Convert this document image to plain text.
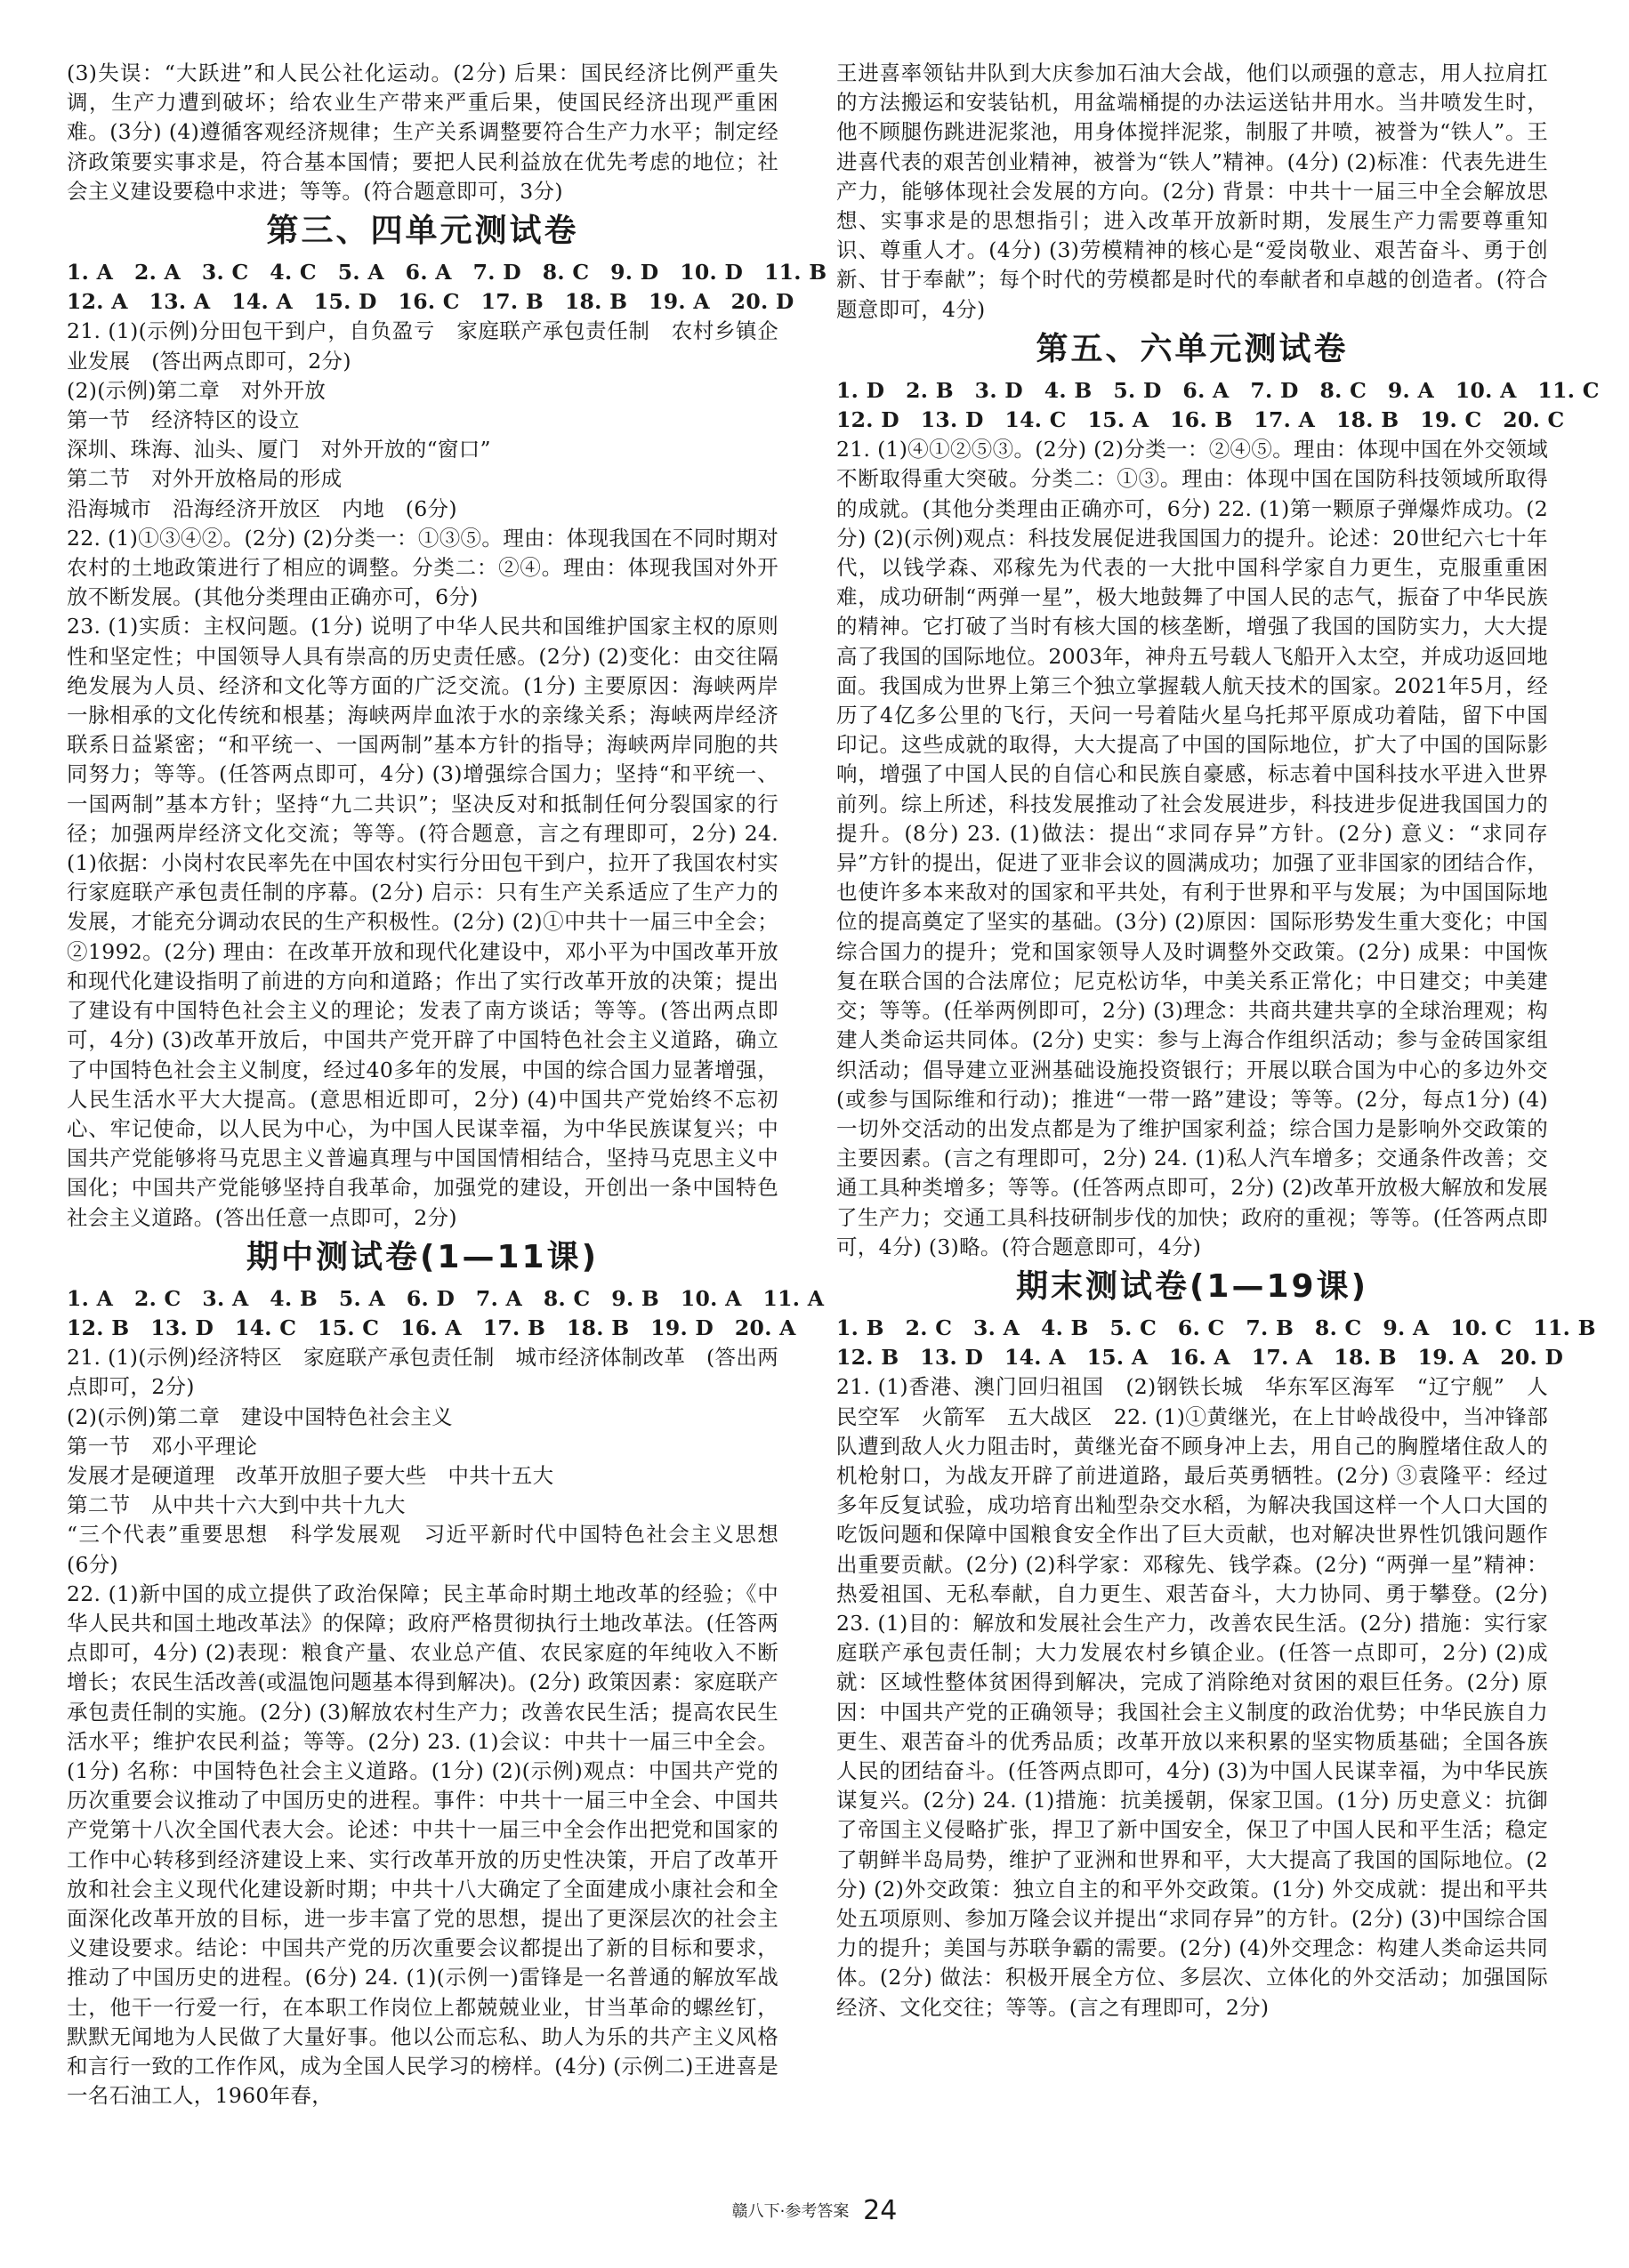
(3)失误：“大跃进”和人民公社化运动。(2分) 后果：国民经济比例严重失调，生产力遭到破坏；给农业生产带来严重后果，使国民经济出现严重困难。(3分) (4)遵循客观经济规律；生产关系调整要符合生产力水平；制定经济政策要实事求是，符合基本国情；要把人民利益放在优先考虑的地位；社会主义建设要稳中求进；等等。(符合题意即可，3分)

第三、四单元测试卷

1. A　2. A　3. C　4. C　5. A　6. A　7. D　8. C　9. D　10. D　11. B

12. A　13. A　14. A　15. D　16. C　17. B　18. B　19. A　20. D

21. (1)(示例)分田包干到户，自负盈亏　家庭联产承包责任制　农村乡镇企业发展　(答出两点即可，2分)

(2)(示例)第二章　对外开放

第一节　经济特区的设立

深圳、珠海、汕头、厦门　对外开放的“窗口”

第二节　对外开放格局的形成

沿海城市　沿海经济开放区　内地　(6分)

22. (1)①③④②。(2分) (2)分类一：①③⑤。理由：体现我国在不同时期对农村的土地政策进行了相应的调整。分类二：②④。理由：体现我国对外开放不断发展。(其他分类理由正确亦可，6分)

23. (1)实质：主权问题。(1分) 说明了中华人民共和国维护国家主权的原则性和坚定性；中国领导人具有崇高的历史责任感。(2分) (2)变化：由交往隔绝发展为人员、经济和文化等方面的广泛交流。(1分) 主要原因：海峡两岸一脉相承的文化传统和根基；海峡两岸血浓于水的亲缘关系；海峡两岸经济联系日益紧密；“和平统一、一国两制”基本方针的指导；海峡两岸同胞的共同努力；等等。(任答两点即可，4分) (3)增强综合国力；坚持“和平统一、一国两制”基本方针；坚持“九二共识”；坚决反对和抵制任何分裂国家的行径；加强两岸经济文化交流；等等。(符合题意，言之有理即可，2分) 24. (1)依据：小岗村农民率先在中国农村实行分田包干到户，拉开了我国农村实行家庭联产承包责任制的序幕。(2分) 启示：只有生产关系适应了生产力的发展，才能充分调动农民的生产积极性。(2分) (2)①中共十一届三中全会；②1992。(2分) 理由：在改革开放和现代化建设中，邓小平为中国改革开放和现代化建设指明了前进的方向和道路；作出了实行改革开放的决策；提出了建设有中国特色社会主义的理论；发表了南方谈话；等等。(答出两点即可，4分) (3)改革开放后，中国共产党开辟了中国特色社会主义道路，确立了中国特色社会主义制度，经过40多年的发展，中国的综合国力显著增强，人民生活水平大大提高。(意思相近即可，2分) (4)中国共产党始终不忘初心、牢记使命，以人民为中心，为中国人民谋幸福，为中华民族谋复兴；中国共产党能够将马克思主义普遍真理与中国国情相结合，坚持马克思主义中国化；中国共产党能够坚持自我革命，加强党的建设，开创出一条中国特色社会主义道路。(答出任意一点即可，2分)

期中测试卷(1—11课)

1. A　2. C　3. A　4. B　5. A　6. D　7. A　8. C　9. B　10. A　11. A

12. B　13. D　14. C　15. C　16. A　17. B　18. B　19. D　20. A

21. (1)(示例)经济特区　家庭联产承包责任制　城市经济体制改革　(答出两点即可，2分)

(2)(示例)第二章　建设中国特色社会主义

第一节　邓小平理论

发展才是硬道理　改革开放胆子要大些　中共十五大

第二节　从中共十六大到中共十九大

“三个代表”重要思想　科学发展观　习近平新时代中国特色社会主义思想　(6分)

22. (1)新中国的成立提供了政治保障；民主革命时期土地改革的经验；《中华人民共和国土地改革法》的保障；政府严格贯彻执行土地改革法。(任答两点即可，4分) (2)表现：粮食产量、农业总产值、农民家庭的年纯收入不断增长；农民生活改善(或温饱问题基本得到解决)。(2分) 政策因素：家庭联产承包责任制的实施。(2分) (3)解放农村生产力；改善农民生活；提高农民生活水平；维护农民利益；等等。(2分) 23. (1)会议：中共十一届三中全会。(1分) 名称：中国特色社会主义道路。(1分) (2)(示例)观点：中国共产党的历次重要会议推动了中国历史的进程。事件：中共十一届三中全会、中国共产党第十八次全国代表大会。论述：中共十一届三中全会作出把党和国家的工作中心转移到经济建设上来、实行改革开放的历史性决策，开启了改革开放和社会主义现代化建设新时期；中共十八大确定了全面建成小康社会和全面深化改革开放的目标，进一步丰富了党的思想，提出了更深层次的社会主义建设要求。结论：中国共产党的历次重要会议都提出了新的目标和要求，推动了中国历史的进程。(6分) 24. (1)(示例一)雷锋是一名普通的解放军战士，他干一行爱一行，在本职工作岗位上都兢兢业业，甘当革命的螺丝钉，默默无闻地为人民做了大量好事。他以公而忘私、助人为乐的共产主义风格和言行一致的工作作风，成为全国人民学习的榜样。(4分) (示例二)王进喜是一名石油工人，1960年春，

王进喜率领钻井队到大庆参加石油大会战，他们以顽强的意志，用人拉肩扛的方法搬运和安装钻机，用盆端桶提的办法运送钻井用水。当井喷发生时，他不顾腿伤跳进泥浆池，用身体搅拌泥浆，制服了井喷，被誉为“铁人”。王进喜代表的艰苦创业精神，被誉为“铁人”精神。(4分) (2)标准：代表先进生产力，能够体现社会发展的方向。(2分) 背景：中共十一届三中全会解放思想、实事求是的思想指引；进入改革开放新时期，发展生产力需要尊重知识、尊重人才。(4分) (3)劳模精神的核心是“爱岗敬业、艰苦奋斗、勇于创新、甘于奉献”；每个时代的劳模都是时代的奉献者和卓越的创造者。(符合题意即可，4分)

第五、六单元测试卷

1. D　2. B　3. D　4. B　5. D　6. A　7. D　8. C　9. A　10. A　11. C

12. D　13. D　14. C　15. A　16. B　17. A　18. B　19. C　20. C

21. (1)④①②⑤③。(2分) (2)分类一：②④⑤。理由：体现中国在外交领域不断取得重大突破。分类二：①③。理由：体现中国在国防科技领域所取得的成就。(其他分类理由正确亦可，6分) 22. (1)第一颗原子弹爆炸成功。(2分) (2)(示例)观点：科技发展促进我国国力的提升。论述：20世纪六七十年代，以钱学森、邓稼先为代表的一大批中国科学家自力更生，克服重重困难，成功研制“两弹一星”，极大地鼓舞了中国人民的志气，振奋了中华民族的精神。它打破了当时有核大国的核垄断，增强了我国的国防实力，大大提高了我国的国际地位。2003年，神舟五号载人飞船开入太空，并成功返回地面。我国成为世界上第三个独立掌握载人航天技术的国家。2021年5月，经历了4亿多公里的飞行，天问一号着陆火星乌托邦平原成功着陆，留下中国印记。这些成就的取得，大大提高了中国的国际地位，扩大了中国的国际影响，增强了中国人民的自信心和民族自豪感，标志着中国科技水平进入世界前列。综上所述，科技发展推动了社会发展进步，科技进步促进我国国力的提升。(8分) 23. (1)做法：提出“求同存异”方针。(2分) 意义：“求同存异”方针的提出，促进了亚非会议的圆满成功；加强了亚非国家的团结合作，也使许多本来敌对的国家和平共处，有利于世界和平与发展；为中国国际地位的提高奠定了坚实的基础。(3分) (2)原因：国际形势发生重大变化；中国综合国力的提升；党和国家领导人及时调整外交政策。(2分) 成果：中国恢复在联合国的合法席位；尼克松访华，中美关系正常化；中日建交；中美建交；等等。(任举两例即可，2分) (3)理念：共商共建共享的全球治理观；构建人类命运共同体。(2分) 史实：参与上海合作组织活动；参与金砖国家组织活动；倡导建立亚洲基础设施投资银行；开展以联合国为中心的多边外交(或参与国际维和行动)；推进“一带一路”建设；等等。(2分，每点1分) (4)一切外交活动的出发点都是为了维护国家利益；综合国力是影响外交政策的主要因素。(言之有理即可，2分) 24. (1)私人汽车增多；交通条件改善；交通工具种类增多；等等。(任答两点即可，2分) (2)改革开放极大解放和发展了生产力；交通工具科技研制步伐的加快；政府的重视；等等。(任答两点即可，4分) (3)略。(符合题意即可，4分)

期末测试卷(1—19课)

1. B　2. C　3. A　4. B　5. C　6. C　7. B　8. C　9. A　10. C　11. B

12. B　13. D　14. A　15. A　16. A　17. A　18. B　19. A　20. D

21. (1)香港、澳门回归祖国　(2)钢铁长城　华东军区海军　“辽宁舰”　人民空军　火箭军　五大战区　22. (1)①黄继光，在上甘岭战役中，当冲锋部队遭到敌人火力阻击时，黄继光奋不顾身冲上去，用自己的胸膛堵住敌人的机枪射口，为战友开辟了前进道路，最后英勇牺牲。(2分) ③袁隆平：经过多年反复试验，成功培育出籼型杂交水稻，为解决我国这样一个人口大国的吃饭问题和保障中国粮食安全作出了巨大贡献，也对解决世界性饥饿问题作出重要贡献。(2分) (2)科学家：邓稼先、钱学森。(2分) “两弹一星”精神：热爱祖国、无私奉献，自力更生、艰苦奋斗，大力协同、勇于攀登。(2分) 23. (1)目的：解放和发展社会生产力，改善农民生活。(2分) 措施：实行家庭联产承包责任制；大力发展农村乡镇企业。(任答一点即可，2分) (2)成就：区域性整体贫困得到解决，完成了消除绝对贫困的艰巨任务。(2分) 原因：中国共产党的正确领导；我国社会主义制度的政治优势；中华民族自力更生、艰苦奋斗的优秀品质；改革开放以来积累的坚实物质基础；全国各族人民的团结奋斗。(任答两点即可，4分) (3)为中国人民谋幸福，为中华民族谋复兴。(2分) 24. (1)措施：抗美援朝，保家卫国。(1分) 历史意义：抗御了帝国主义侵略扩张，捍卫了新中国安全，保卫了中国人民和平生活；稳定了朝鲜半岛局势，维护了亚洲和世界和平，大大提高了我国的国际地位。(2分) (2)外交政策：独立自主的和平外交政策。(1分) 外交成就：提出和平共处五项原则、参加万隆会议并提出“求同存异”的方针。(2分) (3)中国综合国力的提升；美国与苏联争霸的需要。(2分) (4)外交理念：构建人类命运共同体。(2分) 做法：积极开展全方位、多层次、立体化的外交活动；加强国际经济、文化交往；等等。(言之有理即可，2分)

赣八下·参考答案 24
